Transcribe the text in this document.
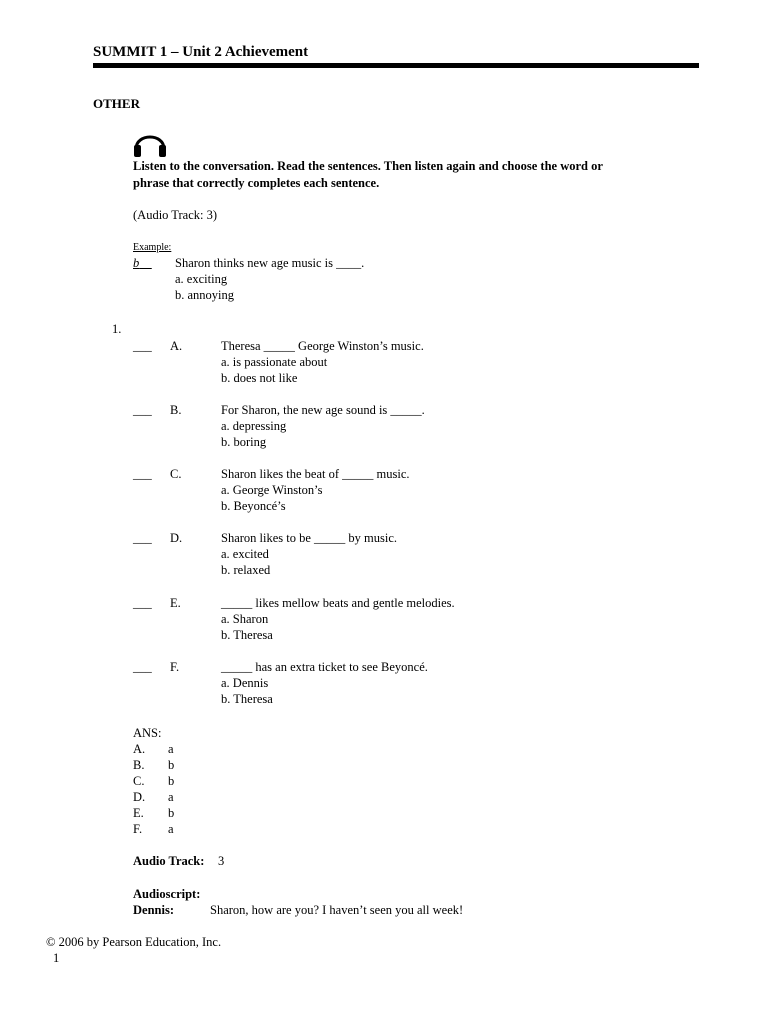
SUMMIT 1 – Unit 2 Achievement
OTHER
Listen to the conversation. Read the sentences. Then listen again and choose the word or
phrase that correctly completes each sentence.
(Audio Track: 3)
Example:
b	Sharon thinks new age music is ____.
a. exciting
b. annoying
1.
___ A.	Theresa _____ George Winston’s music.
a. is passionate about
b. does not like
___ B.	For Sharon, the new age sound is _____.
a. depressing
b. boring
___ C.	Sharon likes the beat of _____ music.
a. George Winston’s
b. Beyoncé’s
___ D.	Sharon likes to be _____ by music.
a. excited
b. relaxed
___ E.	_____ likes mellow beats and gentle melodies.
a. Sharon
b. Theresa
___ F.	_____ has an extra ticket to see Beyoncé.
a. Dennis
b. Theresa
ANS:
A. a
B. b
C. b
D. a
E. b
F. a
Audio Track: 3
Audioscript:
Dennis:	Sharon, how are you? I haven’t seen you all week!
© 2006 by Pearson Education, Inc.
1
